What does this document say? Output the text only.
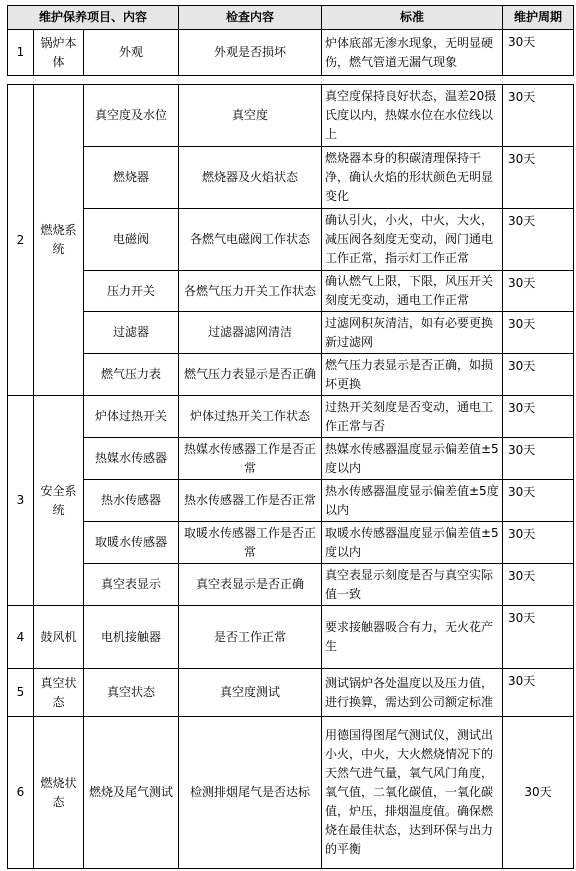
维护保养项目、内容			检查内容	标准	维护周期
1	锅炉本体	外观	外观是否损坏	炉体底部无渗水现象，无明显硬伤，燃气管道无漏气现象	30天
2	燃烧系统	真空度及水位	真空度	真空度保持良好状态，温差20摄氏度以内，热媒水位在水位线以上	30天
		燃烧器	燃烧器及火焰状态	燃烧器本身的积碳清理保持干净，确认火焰的形状颜色无明显变化	30天
		电磁阀	各燃气电磁阀工作状态	确认引火，小火，中火，大火，减压阀各刻度无变动，阀门通电工作正常，指示灯工作正常	30天
		压力开关	各燃气压力开关工作状态	确认燃气上限，下限，风压开关刻度无变动，通电工作正常	30天
		过滤器	过滤器滤网清洁	过滤网积灰清洁，如有必要更换新过滤网	30天
		燃气压力表	燃气压力表显示是否正确	燃气压力表显示是否正确，如损坏更换	30天
3	安全系统	炉体过热开关	炉体过热开关工作状态	过热开关刻度是否变动，通电工作正常与否	30天
		热媒水传感器	热媒水传感器工作是否正常	热媒水传感器温度显示偏差值±5度以内	30天
		热水传感器	热水传感器工作是否正常	热水传感器温度显示偏差值±5度以内	30天
		取暖水传感器	取暖水传感器工作是否正常	取暖水传感器温度显示偏差值±5度以内	30天
		真空表显示	真空表显示是否正确	真空表显示刻度是否与真空实际值一致	30天
4	鼓风机	电机接触器	是否工作正常	要求接触器吸合有力，无火花产生	30天
5	真空状态	真空状态	真空度测试	测试锅炉各处温度以及压力值，进行换算，需达到公司额定标准	30天
6	燃烧状态	燃烧及尾气测试	检测排烟尾气是否达标	用德国得图尾气测试仪，测试出小火，中火，大火燃烧情况下的天然气进气量，氧气风门角度，氧气值，二氧化碳值，一氧化碳值，炉压，排烟温度值。确保燃烧在最佳状态，达到环保与出力的平衡	30天
